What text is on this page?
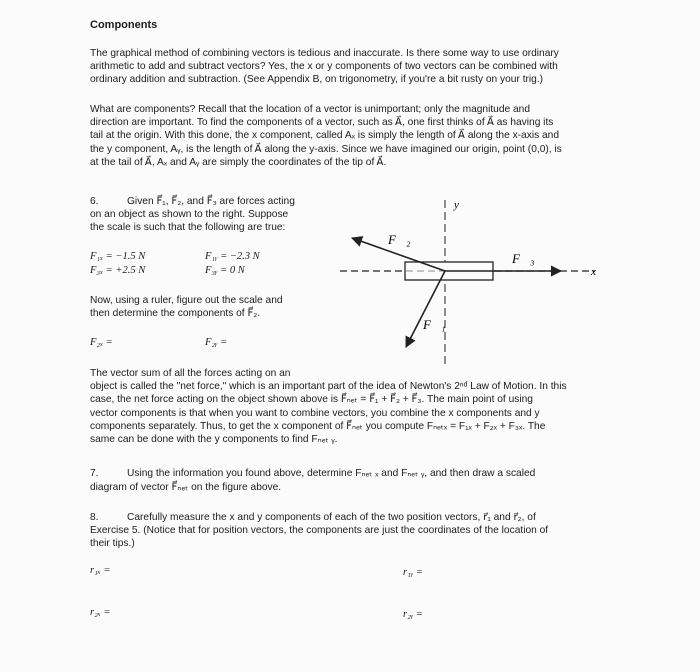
Components
The graphical method of combining vectors is tedious and inaccurate. Is there some way to use ordinary
arithmetic to add and subtract vectors? Yes, the x or y components of two vectors can be combined with
ordinary addition and subtraction. (See Appendix B, on trigonometry, if you're a bit rusty on your trig.)
What are components? Recall that the location of a vector is unimportant; only the magnitude and
direction are important. To find the components of a vector, such as A⃗, one first thinks of A⃗ as having its
tail at the origin. With this done, the x component, called Aₓ is simply the length of A⃗ along the x-axis and
the y component, Aᵧ, is the length of A⃗ along the y-axis. Since we have imagined our origin, point (0,0), is
at the tail of A⃗, Aₓ and Aᵧ are simply the coordinates of the tip of A⃗.
6.	Given F⃗₁, F⃗₂, and F⃗₃ are forces acting
on an object as shown to the right. Suppose
the scale is such that the following are true:
F₁ₓ = −1.5 N	F₁ᵧ = −2.3 N
F₃ₓ = +2.5 N	F₃ᵧ = 0 N
Now, using a ruler, figure out the scale and
then determine the components of F⃗₂.
F₂ₓ =	F₂ᵧ =
F⃗₂
F⃗₃
F⃗₁
x
y
The vector sum of all the forces acting on an
object is called the "net force," which is an important part of the idea of Newton's 2ⁿᵈ Law of Motion. In this
case, the net force acting on the object shown above is F⃗ₙₑₜ = F⃗₁ + F⃗₂ + F⃗₃. The main point of using
vector components is that when you want to combine vectors, you combine the x components and y
components separately. Thus, to get the x component of F⃗ₙₑₜ you compute Fₙₑₜₓ = F₁ₓ + F₂ₓ + F₃ₓ. The
same can be done with the y components to find Fₙₑₜ ᵧ.
7.	Using the information you found above, determine Fₙₑₜ ₓ and Fₙₑₜ ᵧ, and then draw a scaled
diagram of vector F⃗ₙₑₜ on the figure above.
8.	Carefully measure the x and y components of each of the two position vectors, r⃗₁ and r⃗₂, of
Exercise 5. (Notice that for position vectors, the components are just the coordinates of the location of
their tips.)
r₁ₓ =	r₁ᵧ =
r₂ₓ =	r₂ᵧ =
